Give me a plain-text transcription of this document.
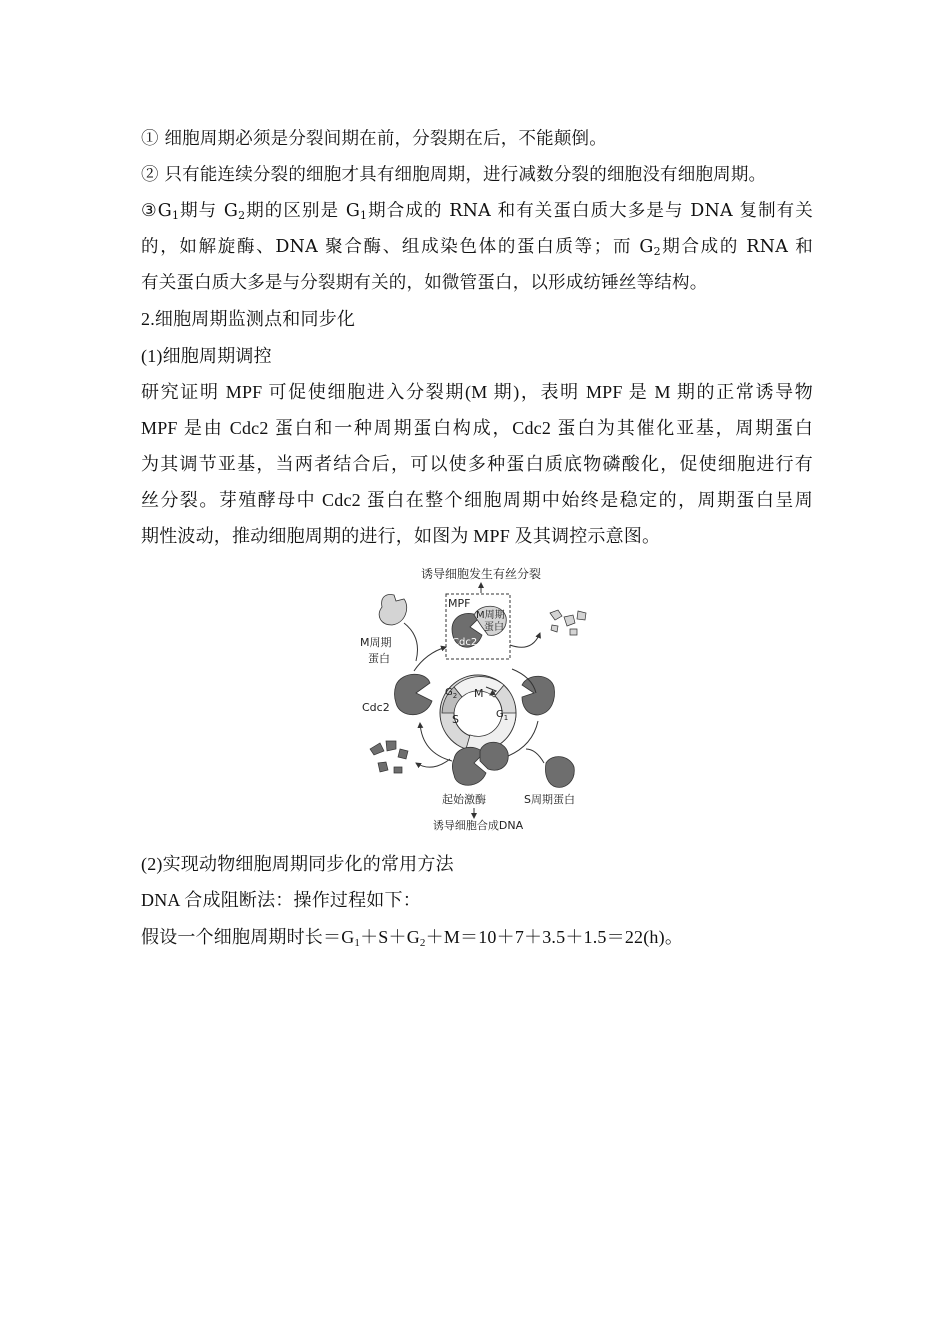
① 细胞周期必须是分裂间期在前，分裂期在后，不能颠倒。
② 只有能连续分裂的细胞才具有细胞周期，进行减数分裂的细胞没有细胞周期。
$③G_1$期与 $G_2$期的区别是 $G_1$期合成的 RNA 和有关蛋白质大多是与 DNA 复制有关
的，如解旋酶、DNA 聚合酶、组成染色体的蛋白质等；而 $G_2$期合成的 RNA 和
有关蛋白质大多是与分裂期有关的，如微管蛋白，以形成纺锤丝等结构。
2.细胞周期监测点和同步化
(1)细胞周期调控
研究证明 MPF 可促使细胞进入分裂期(M 期)，表明 MPF 是 M 期的正常诱导物
MPF 是由 Cdc2 蛋白和一种周期蛋白构成，Cdc2 蛋白为其催化亚基，周期蛋白
为其调节亚基，当两者结合后，可以使多种蛋白质底物磷酸化，促使细胞进行有
丝分裂。芽殖酵母中 Cdc2 蛋白在整个细胞周期中始终是稳定的，周期蛋白呈周
期性波动，推动细胞周期的进行，如图为 MPF 及其调控示意图。
诱导细胞发生有丝分裂
MPF
M周期
蛋白
Cdc2
M周期
蛋白
Cdc2
M
$G_2$
S	$G_1$
S周期蛋白
起始激酶
诱导细胞合成DNA
(2)实现动物细胞周期同步化的常用方法
DNA 合成阻断法：操作过程如下：
假设一个细胞周期时长$=G_1+S+G_2+M=10+7+3.5+1.5=22(h)$。
